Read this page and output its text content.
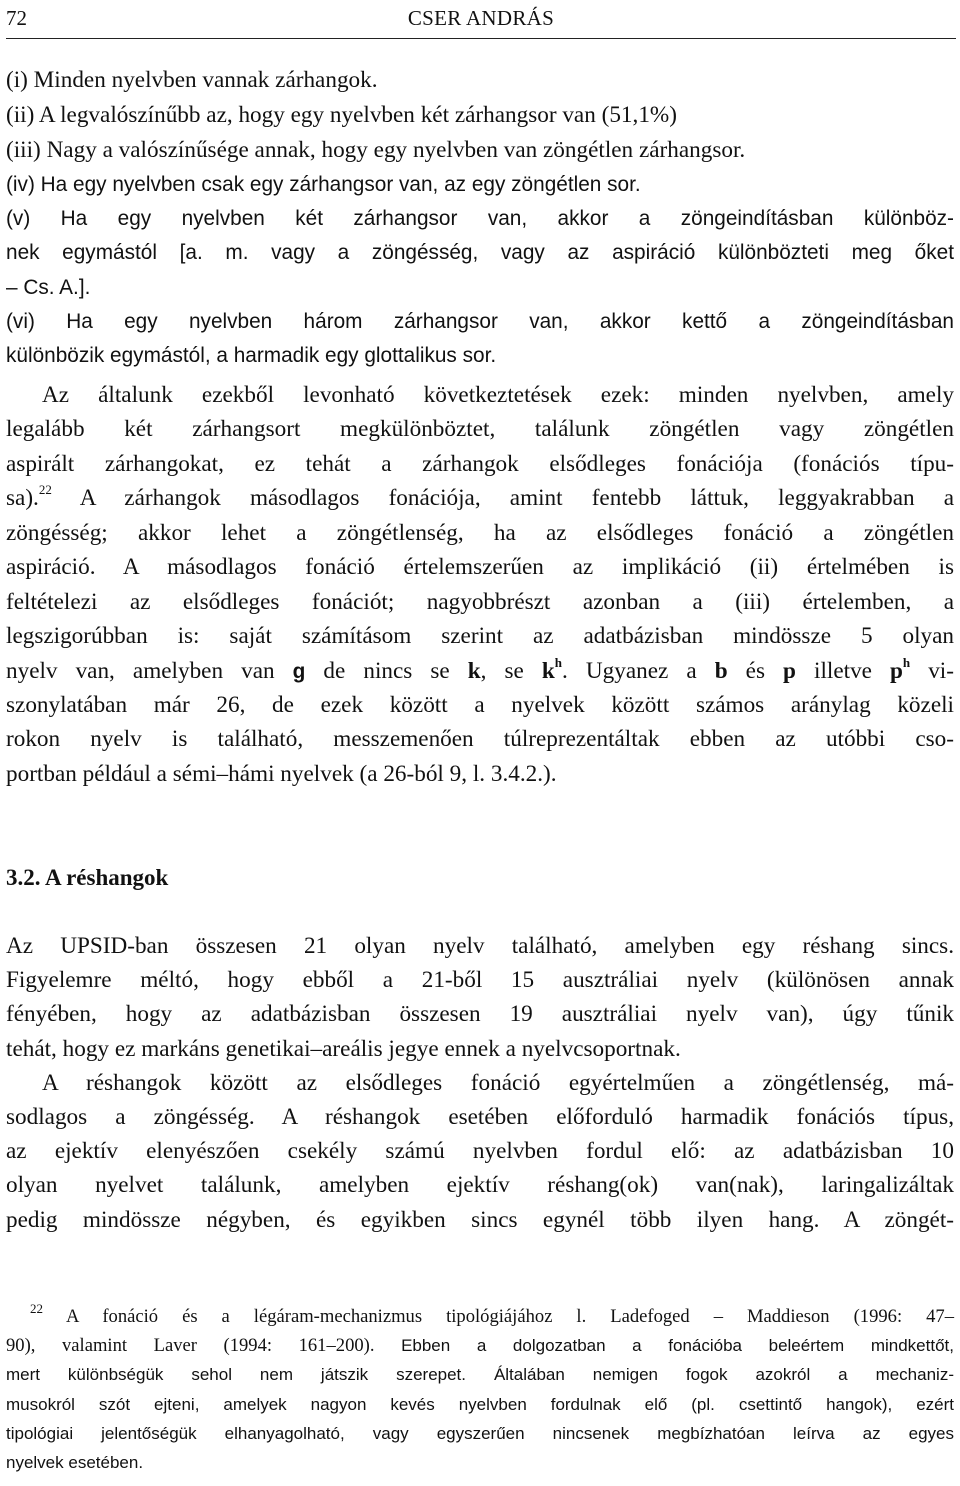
72	CSER ANDRÁS
(i) Minden nyelvben vannak zárhangok.
(ii) A legvalószínűbb az, hogy egy nyelvben két zárhangsor van (51,1%)
(iii) Nagy a valószínűsége annak, hogy egy nyelvben van zöngétlen zárhangsor.
(iv) Ha egy nyelvben csak egy zárhangsor van, az egy zöngétlen sor.
(v) Ha egy nyelvben két zárhangsor van, akkor a zöngeindításban különböz-
nek egymástól [a. m. vagy a zöngésség, vagy az aspiráció különbözteti meg őket
– Cs. A.].
(vi) Ha egy nyelvben három zárhangsor van, akkor kettő a zöngeindításban
különbözik egymástól, a harmadik egy glottalikus sor.
Az általunk ezekből levonható következtetések ezek: minden nyelvben, amely
legalább két zárhangsort megkülönböztet, találunk zöngétlen vagy zöngétlen
aspirált zárhangokat, ez tehát a zárhangok elsődleges fonációja (fonációs típu-
sa).$^{22}$ A zárhangok másodlagos fonációja, amint fentebb láttuk, leggyakrabban a
zöngésség; akkor lehet a zöngétlenség, ha az elsődleges fonáció a zöngétlen
aspiráció. A másodlagos fonáció értelemszerűen az implikáció (ii) értelmében is
feltételezi az elsődleges fonációt; nagyobbrészt azonban a (iii) értelemben, a
legszigorúbban is: saját számításom szerint az adatbázisban mindössze 5 olyan
nyelv van, amelyben van g de nincs se k, se $k^h$. Ugyanez a b és p illetve $p^h$ vi-
szonylatában már 26, de ezek között a nyelvek között számos aránylag közeli
rokon nyelv is található, messzemenően túlreprezentáltak ebben az utóbbi cso-
portban például a sémi–hámi nyelvek (a 26-ból 9, l. 3.4.2.).
3.2. A réshangok
Az UPSID-ban összesen 21 olyan nyelv található, amelyben egy réshang sincs.
Figyelemre méltó, hogy ebből a 21-ből 15 ausztráliai nyelv (különösen annak
fényében, hogy az adatbázisban összesen 19 ausztráliai nyelv van), úgy tűnik
tehát, hogy ez markáns genetikai–areális jegye ennek a nyelvcsoportnak.
A réshangok között az elsődleges fonáció egyértelműen a zöngétlenség, má-
sodlagos a zöngésség. A réshangok esetében előforduló harmadik fonációs típus,
az ejektív elenyészően csekély számú nyelvben fordul elő: az adatbázisban 10
olyan nyelvet találunk, amelyben ejektív réshang(ok) van(nak), laringalizáltak
pedig mindössze négyben, és egyikben sincs egynél több ilyen hang. A zöngét-
$^{22}$ A fonáció és a légáram-mechanizmus tipológiájához l. Ladefoged – Maddieson (1996: 47–
90), valamint Laver (1994: 161–200). Ebben a dolgozatban a fonációba beleértem mindkettőt,
mert különbségük sehol nem játszik szerepet. Általában nemigen fogok azokról a mechaniz-
musokról szót ejteni, amelyek nagyon kevés nyelvben fordulnak elő (pl. csettintő hangok), ezért
tipológiai jelentőségük elhanyagolható, vagy egyszerűen nincsenek megbízhatóan leírva az egyes
nyelvek esetében.
